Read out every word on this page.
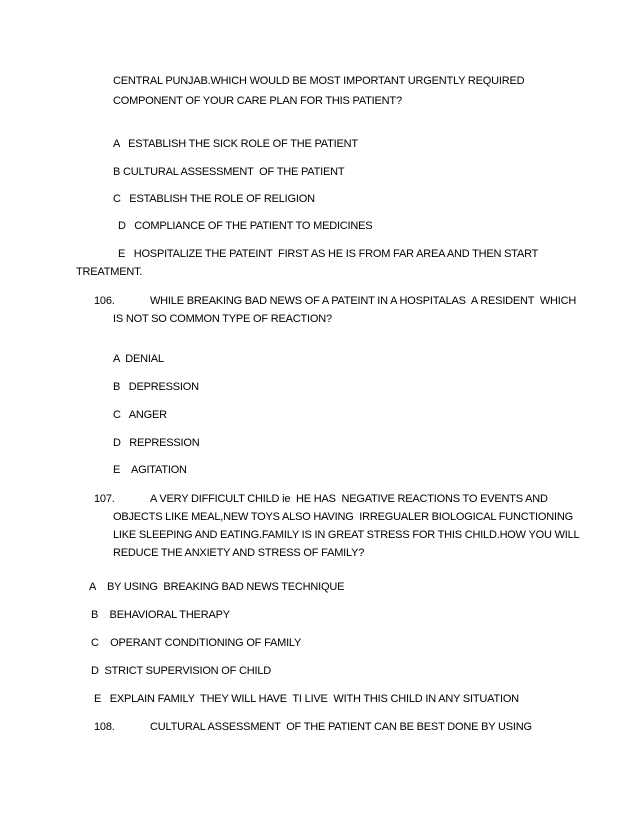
CENTRAL PUNJAB.WHICH WOULD BE MOST IMPORTANT URGENTLY REQUIRED
COMPONENT OF YOUR CARE PLAN FOR THIS PATIENT?
A   ESTABLISH THE SICK ROLE OF THE PATIENT
B CULTURAL ASSESSMENT  OF THE PATIENT
C   ESTABLISH THE ROLE OF RELIGION
D   COMPLIANCE OF THE PATIENT TO MEDICINES
E   HOSPITALIZE THE PATEINT  FIRST AS HE IS FROM FAR AREA AND THEN START
TREATMENT.
106.	WHILE BREAKING BAD NEWS OF A PATEINT IN A HOSPITALAS  A RESIDENT  WHICH
IS NOT SO COMMON TYPE OF REACTION?
A  DENIAL
B   DEPRESSION
C   ANGER
D   REPRESSION
E    AGITATION
107.	A VERY DIFFICULT CHILD ie  HE HAS  NEGATIVE REACTIONS TO EVENTS AND
OBJECTS LIKE MEAL,NEW TOYS ALSO HAVING  IRREGUALER BIOLOGICAL FUNCTIONING
LIKE SLEEPING AND EATING.FAMILY IS IN GREAT STRESS FOR THIS CHILD.HOW YOU WILL
REDUCE THE ANXIETY AND STRESS OF FAMILY?
A    BY USING  BREAKING BAD NEWS TECHNIQUE
B    BEHAVIORAL THERAPY
C    OPERANT CONDITIONING OF FAMILY
D  STRICT SUPERVISION OF CHILD
E   EXPLAIN FAMILY  THEY WILL HAVE  TI LIVE  WITH THIS CHILD IN ANY SITUATION
108.	CULTURAL ASSESSMENT  OF THE PATIENT CAN BE BEST DONE BY USING
